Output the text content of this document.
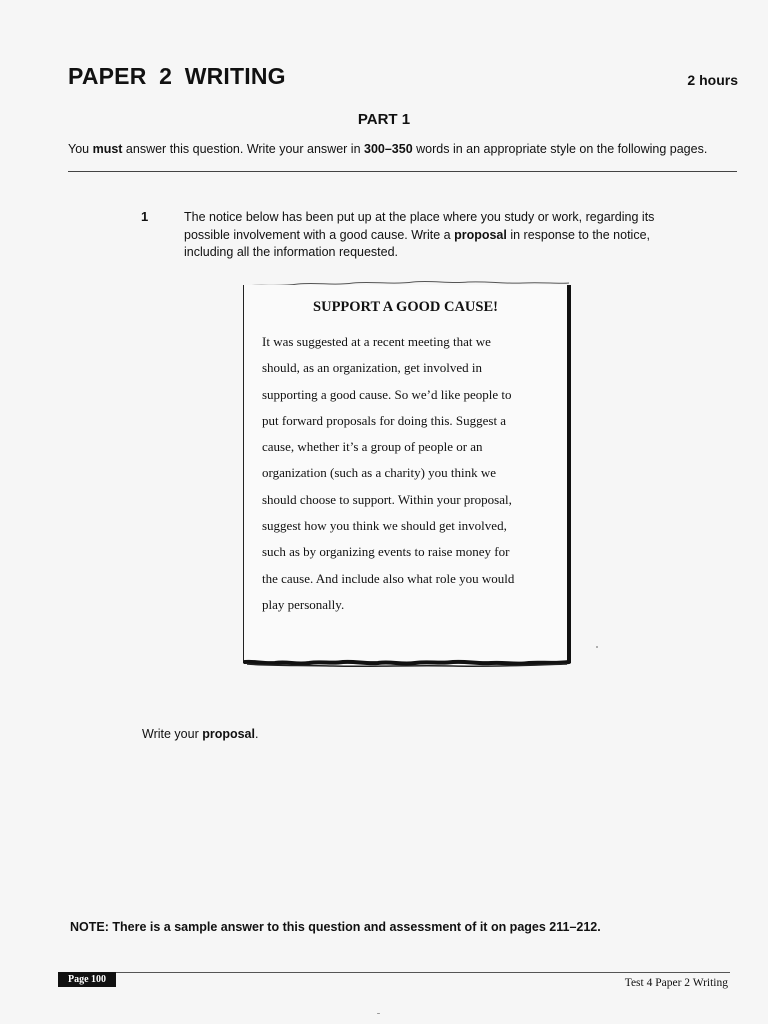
PAPER 2 WRITING	2 hours
PART 1
You must answer this question. Write your answer in 300–350 words in an appropriate style on the following pages.
1	The notice below has been put up at the place where you study or work, regarding its
possible involvement with a good cause. Write a proposal in response to the notice,
including all the information requested.
SUPPORT A GOOD CAUSE!
It was suggested at a recent meeting that we
should, as an organization, get involved in
supporting a good cause. So we’d like people to
put forward proposals for doing this. Suggest a
cause, whether it’s a group of people or an
organization (such as a charity) you think we
should choose to support. Within your proposal,
suggest how you think we should get involved,
such as by organizing events to raise money for
the cause. And include also what role you would
play personally.
Write your proposal.
NOTE: There is a sample answer to this question and assessment of it on pages 211–212.
Page 100	Test 4 Paper 2 Writing
